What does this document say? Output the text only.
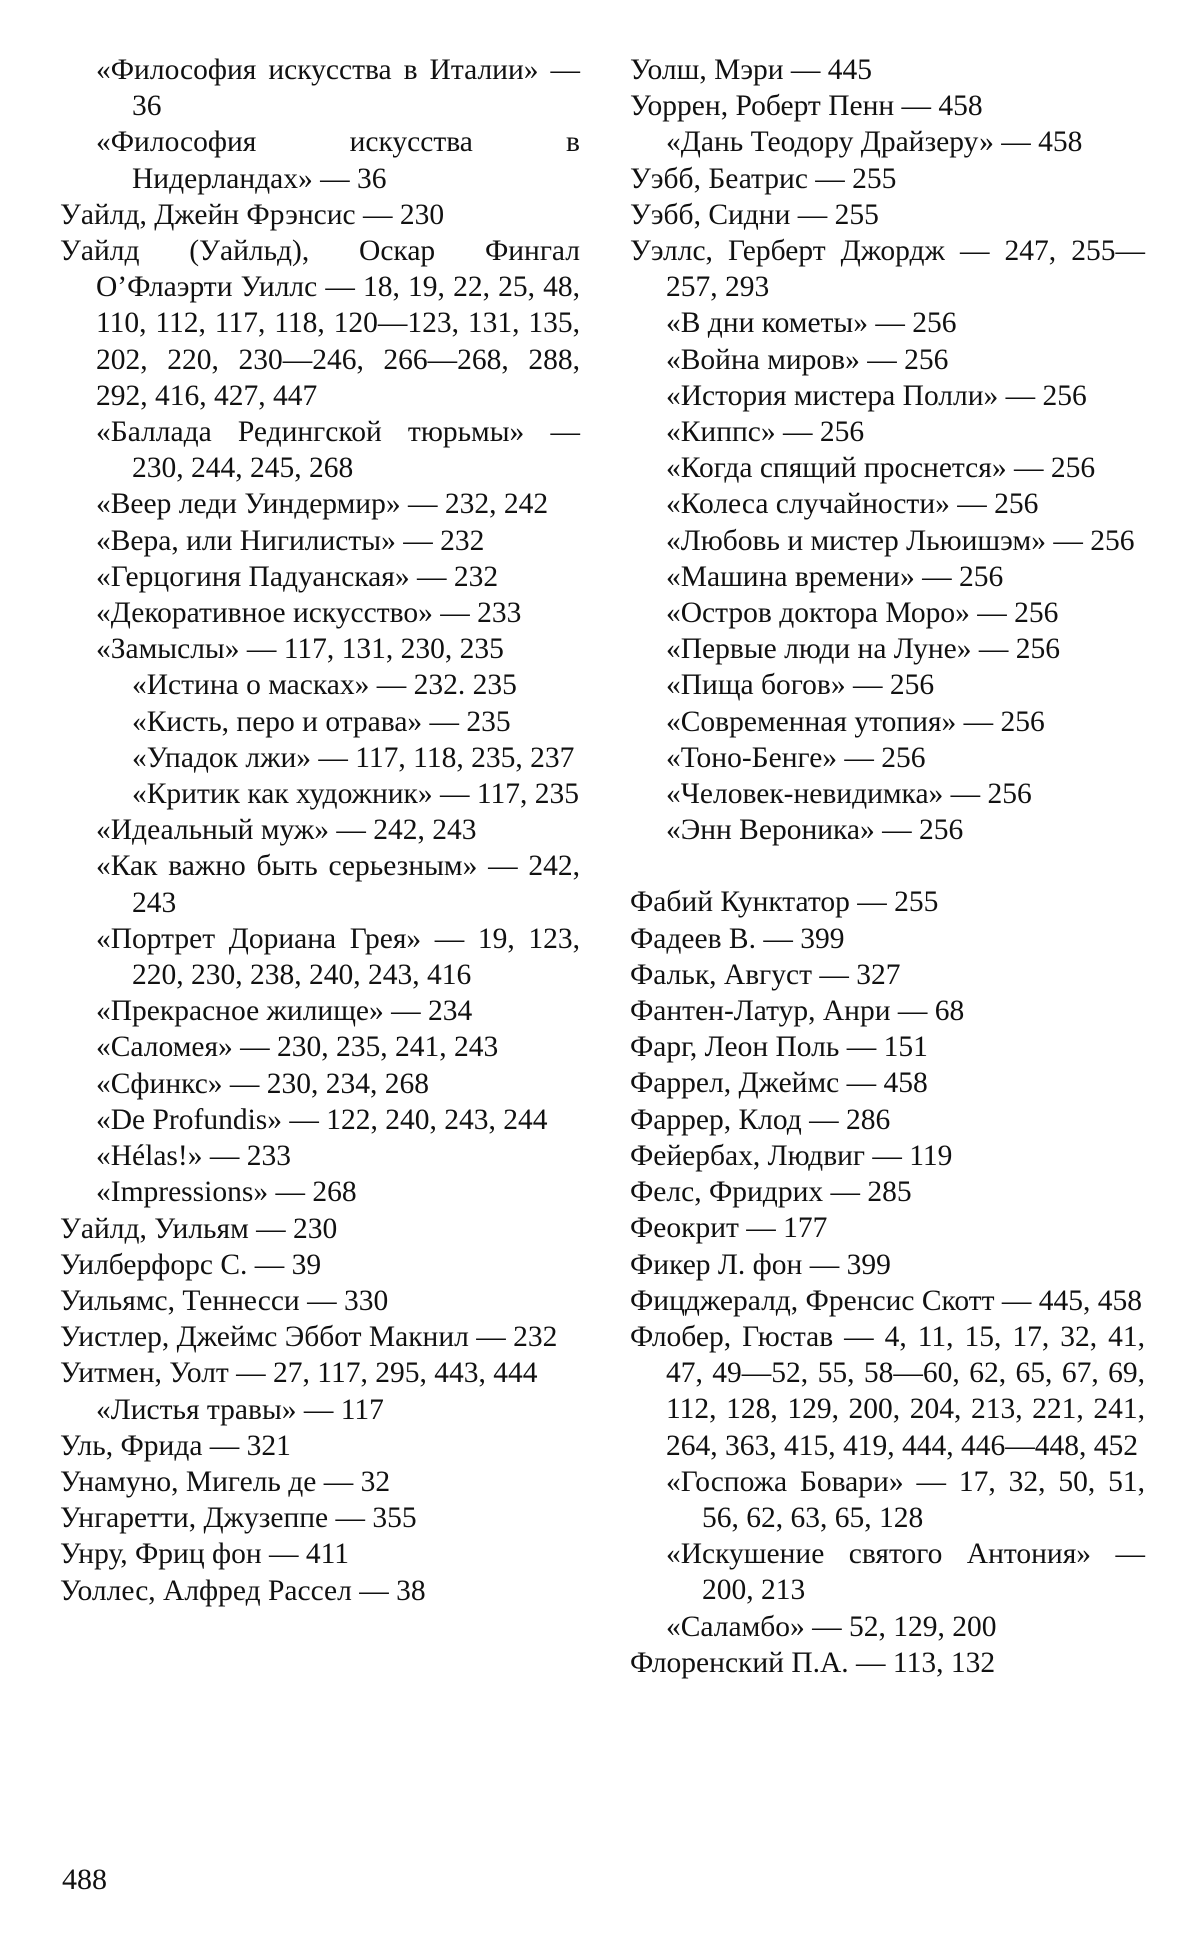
«Философия искусства в Италии» — 36
«Философия искусства в Нидерландах» — 36
Уайлд, Джейн Фрэнсис — 230
Уайлд (Уайльд), Оскар Фингал О’Флаэрти Уиллс — 18, 19, 22, 25, 48, 110, 112, 117, 118, 120—123, 131, 135, 202, 220, 230—246, 266—268, 288, 292, 416, 427, 447
«Баллада Редингской тюрьмы» — 230, 244, 245, 268
«Веер леди Уиндермир» — 232, 242
«Вера, или Нигилисты» — 232
«Герцогиня Падуанская» — 232
«Декоративное искусство» — 233
«Замыслы» — 117, 131, 230, 235
«Истина о масках» — 232. 235
«Кисть, перо и отрава» — 235
«Упадок лжи» — 117, 118, 235, 237
«Критик как художник» — 117, 235
«Идеальный муж» — 242, 243
«Как важно быть серьезным» — 242, 243
«Портрет Дориана Грея» — 19, 123, 220, 230, 238, 240, 243, 416
«Прекрасное жилище» — 234
«Саломея» — 230, 235, 241, 243
«Сфинкс» — 230, 234, 268
«De Profundis» — 122, 240, 243, 244
«Hélas!» — 233
«Impressions» — 268
Уайлд, Уильям — 230
Уилберфорс С. — 39
Уильямс, Теннесси — 330
Уистлер, Джеймс Эббот Макнил — 232
Уитмен, Уолт — 27, 117, 295, 443, 444
«Листья травы» — 117
Уль, Фрида — 321
Унамуно, Мигель де — 32
Унгаретти, Джузеппе — 355
Унру, Фриц фон — 411
Уоллес, Алфред Рассел — 38
Уолш, Мэри — 445
Уоррен, Роберт Пенн — 458
«Дань Теодору Драйзеру» — 458
Уэбб, Беатрис — 255
Уэбб, Сидни — 255
Уэллс, Герберт Джордж — 247, 255—257, 293
«В дни кометы» — 256
«Война миров» — 256
«История мистера Полли» — 256
«Киппс» — 256
«Когда спящий проснется» — 256
«Колеса случайности» — 256
«Любовь и мистер Льюишэм» — 256
«Машина времени» — 256
«Остров доктора Моро» — 256
«Первые люди на Луне» — 256
«Пища богов» — 256
«Современная утопия» — 256
«Тоно-Бенге» — 256
«Человек-невидимка» — 256
«Энн Вероника» — 256
Фабий Кунктатор — 255
Фадеев В. — 399
Фальк, Август — 327
Фантен-Латур, Анри — 68
Фарг, Леон Поль — 151
Фаррел, Джеймс — 458
Фаррер, Клод — 286
Фейербах, Людвиг — 119
Фелс, Фридрих — 285
Феокрит — 177
Фикер Л. фон — 399
Фицджералд, Френсис Скотт — 445, 458
Флобер, Гюстав — 4, 11, 15, 17, 32, 41, 47, 49—52, 55, 58—60, 62, 65, 67, 69, 112, 128, 129, 200, 204, 213, 221, 241, 264, 363, 415, 419, 444, 446—448, 452
«Госпожа Бовари» — 17, 32, 50, 51, 56, 62, 63, 65, 128
«Искушение святого Антония» — 200, 213
«Саламбо» — 52, 129, 200
Флоренский П.А. — 113, 132
488
